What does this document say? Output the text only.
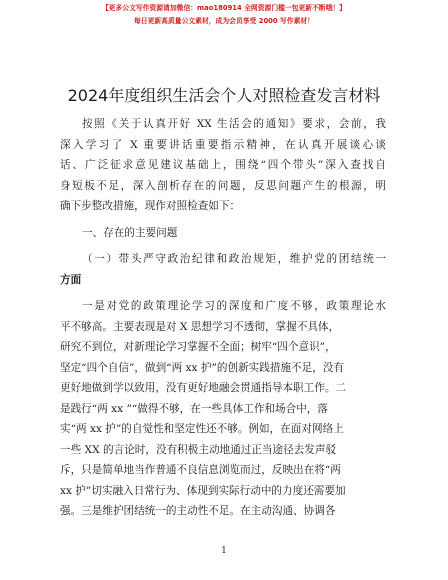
【更多公文写作资源请加微信：mao180914 全网资源门槛一包更新不断哦！】
每日更新高质量公文素材，成为会员享受 2000 写作素材！
2024年度组织生活会个人对照检查发言材料
按照《关于认真开好 XX 生活会的通知》要求，会前，我
深入学习了 X 重要讲话重要指示精神，在认真开展谈心谈
话、广泛征求意见建议基础上，围绕“四个带头”深入查找自
身短板不足，深入剖析存在的问题，反思问题产生的根源，明
确下步整改措施，现作对照检查如下：
一、存在的主要问题
（一）带头严守政治纪律和政治规矩，维护党的团结统一
方面
一是对党的政策理论学习的深度和广度不够，政策理论水
平不够高。主要表现是对 X 思想学习不透彻，掌握不具体，
研究不到位，对新理论学习掌握不全面；树牢“四个意识”，
坚定“四个自信”，做到“两 xx 护”的创新实践措施不足，没有
更好地做到学以致用，没有更好地融会贯通指导本职工作。二
是践行“两 xx ”“做得不够，在一些具体工作和场合中，落
实“两 xx 护”的自觉性和坚定性还不够。例如，在面对网络上
一些 XX 的言论时，没有积极主动地通过正当途径去发声驳
斥，只是简单地当作普通不良信息浏览而过，反映出在将“两
xx 护”切实融入日常行为、体现到实际行动中的力度还需要加
强。三是维护团结统一的主动性不足。在主动沟通、协调各
1
